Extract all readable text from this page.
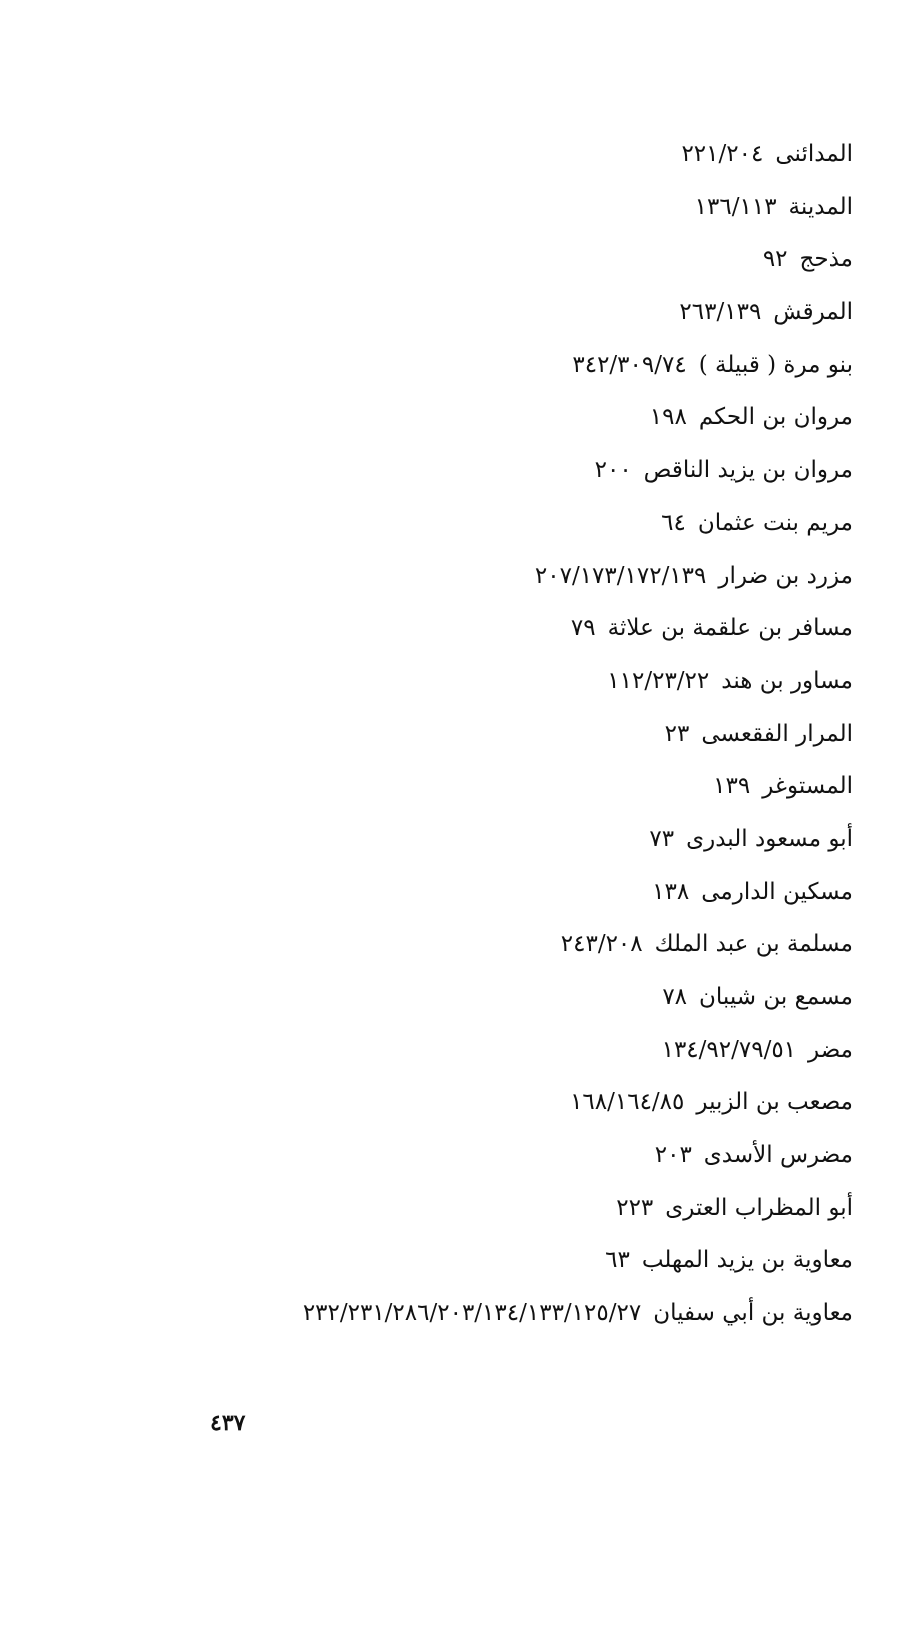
المدائنى٢٢١/٢٠٤
المدينة١٣٦/١١٣
مذحج٩٢
المرقش٢٦٣/١٣٩
بنو مرة ( قبيلة )٣٤٢/٣٠٩/٧٤
مروان بن الحكم١٩٨
مروان بن يزيد الناقص٢٠٠
مريم بنت عثمان٦٤
مزرد بن ضرار٢٠٧/١٧٣/١٧٢/١٣٩
مسافر بن علقمة بن علاثة٧٩
مساور بن هند١١٢/٢٣/٢٢
المرار الفقعسى٢٣
المستوغر١٣٩
أبو مسعود البدرى٧٣
مسكين الدارمى١٣٨
مسلمة بن عبد الملك٢٤٣/٢٠٨
مسمع بن شيبان٧٨
مضر١٣٤/٩٢/٧٩/٥١
مصعب بن الزبير١٦٨/١٦٤/٨٥
مضرس الأسدى٢٠٣
أبو المظراب العترى٢٢٣
معاوية بن يزيد المهلب٦٣
معاوية بن أبي سفيان٢٣٢/٢٣١/٢٨٦/٢٠٣/١٣٤/١٣٣/١٢٥/٢٧
٤٣٧
